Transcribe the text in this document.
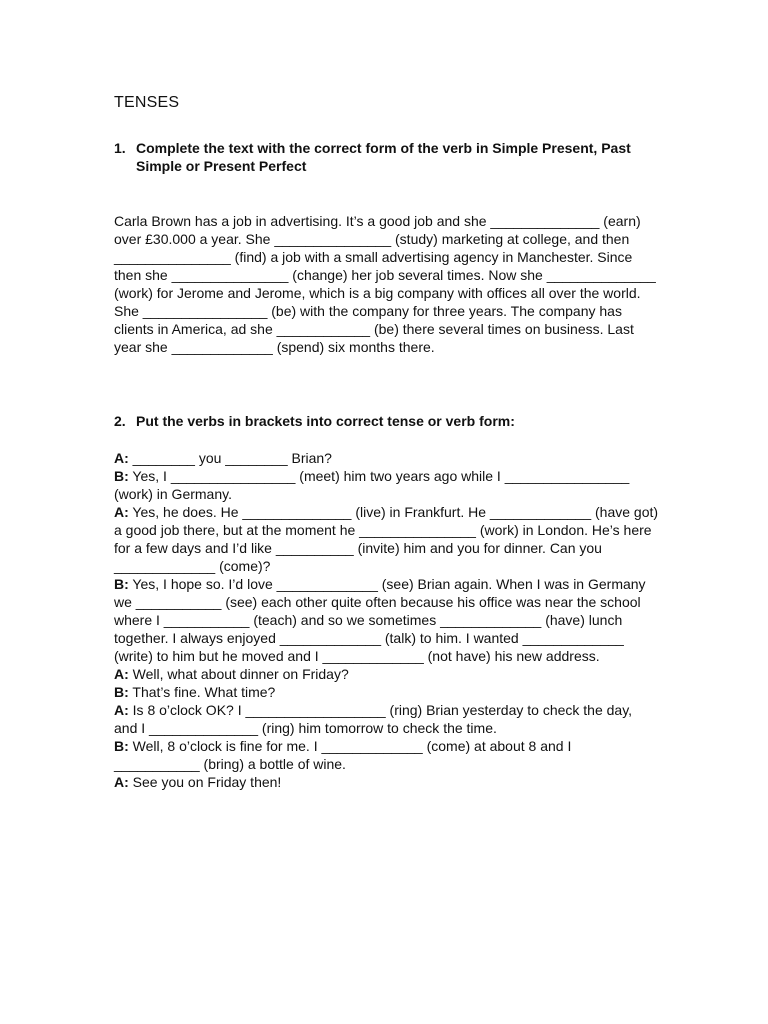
TENSES
1. Complete the text with the correct form of the verb in Simple Present, Past Simple or Present Perfect

Carla Brown has a job in advertising. It’s a good job and she ______________ (earn) over £30.000 a year. She _______________ (study) marketing at college, and then _______________ (find) a job with a small advertising agency in Manchester. Since then she _______________ (change) her job several times. Now she ______________ (work) for Jerome and Jerome, which is a big company with offices all over the world. She ________________ (be) with the company for three years. The company has clients in America, ad she ____________ (be) there several times on business. Last year she _____________ (spend) six months there.

2. Put the verbs in brackets into correct tense or verb form:
A: ________ you ________ Brian?
B: Yes, I ________________ (meet) him two years ago while I ________________ (work) in Germany.
A: Yes, he does. He ______________ (live) in Frankfurt. He _____________ (have got) a good job there, but at the moment he _______________ (work) in London. He’s here for a few days and I’d like __________ (invite) him and you for dinner. Can you _____________ (come)?
B: Yes, I hope so. I’d love _____________ (see) Brian again. When I was in Germany we ___________ (see) each other quite often because his office was near the school where I ___________ (teach) and so we sometimes _____________ (have) lunch together. I always enjoyed _____________ (talk) to him. I wanted _____________ (write) to him but he moved and I _____________ (not have) his new address.
A: Well, what about dinner on Friday?
B: That’s fine. What time?
A: Is 8 o’clock OK? I __________________ (ring) Brian yesterday to check the day, and I ______________ (ring) him tomorrow to check the time.
B: Well, 8 o’clock is fine for me. I _____________ (come) at about 8 and I ___________ (bring) a bottle of wine.
A: See you on Friday then!
